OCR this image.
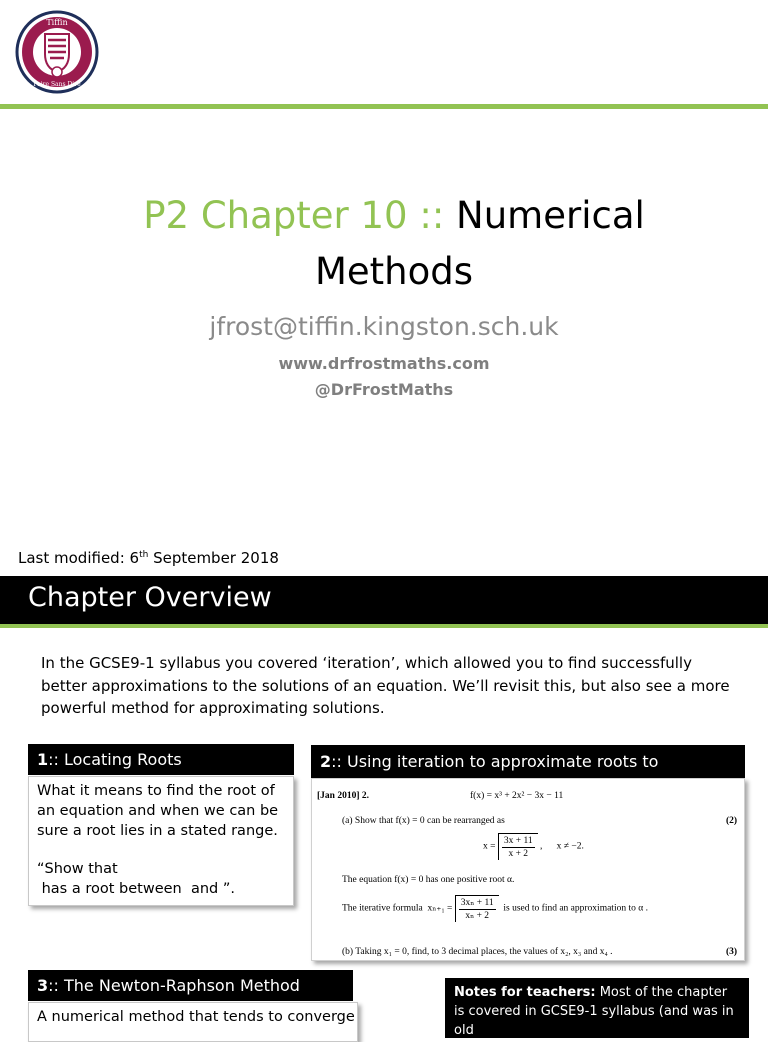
Tiffin
Faire Sans Dire
P2 Chapter 10 :: Numerical Methods
jfrost@tiffin.kingston.sch.uk
www.drfrostmaths.com
@DrFrostMaths
Last modified: 6th September 2018
Chapter Overview
In the GCSE9-1 syllabus you covered ‘iteration’, which allowed you to find successfully better approximations to the solutions of an equation. We’ll revisit this, but also see a more powerful method for approximating solutions.
1:: Locating Roots
What it means to find the root of an equation and when we can be sure a root lies in a stated range.
“Show that
has a root between  and ”.
2:: Using iteration to approximate roots to
[Jan 2010] 2.	f(x) = x³ + 2x² − 3x − 11
(a) Show that f(x) = 0 can be rearranged as	(2)
$x = \frac{3x + 11}{x + 2}$ ,      x ≠ −2.
The equation f(x) = 0 has one positive root α.
The iterative formula $x_{n+1} = \frac{\text{3xₙ + 11}}{\text{xₙ + 2}}$ is used to find an approximation to α .
(b) Taking x₁ = 0, find, to 3 decimal places, the values of x₂, x₃ and x₄ .	(3)
3:: The Newton-Raphson Method
A numerical method that tends to converge
Notes for teachers: Most of the chapter is covered in GCSE9-1 syllabus (and was in old
